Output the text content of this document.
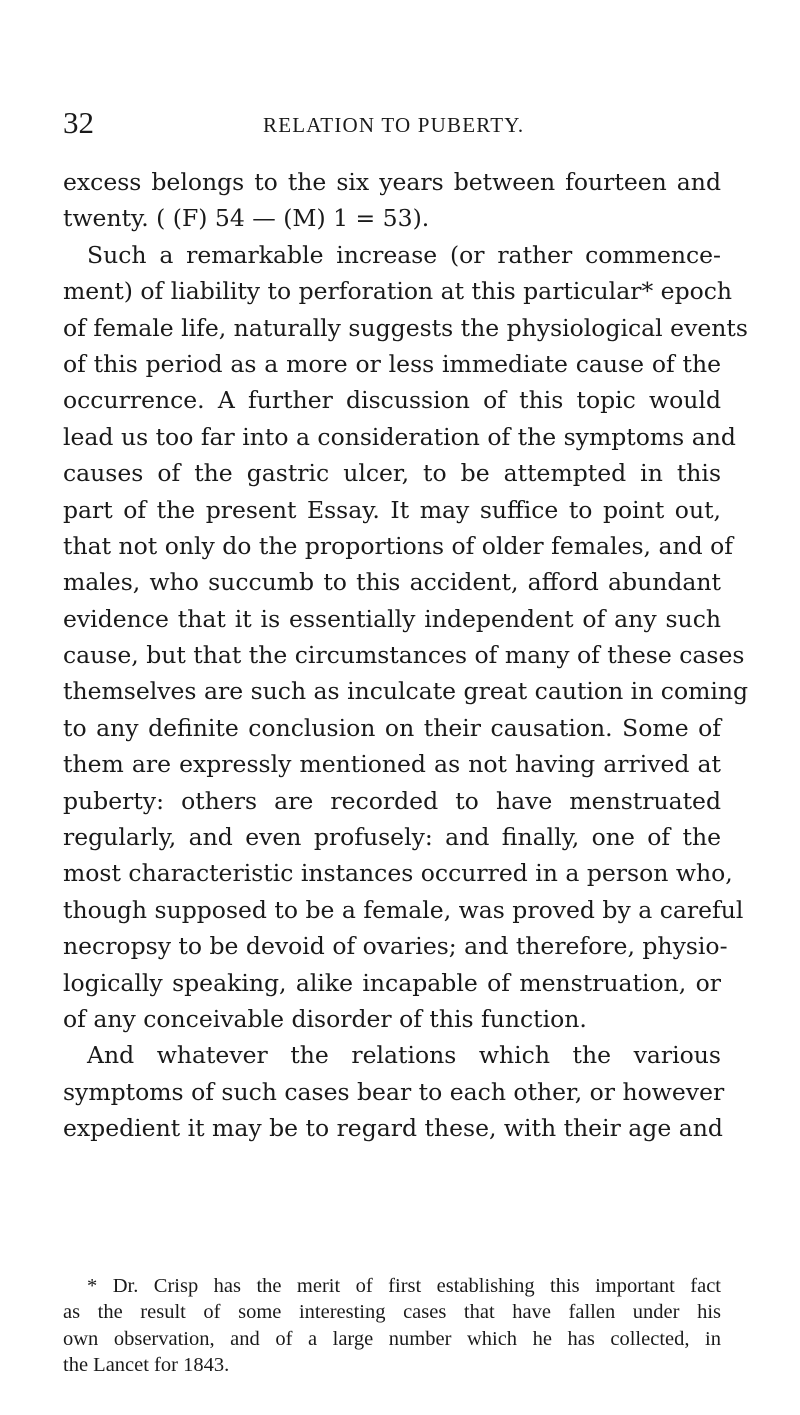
32	RELATION TO PUBERTY.
excess belongs to the six years between fourteen and
twenty. ( (F) 54 — (M) 1 = 53).
Such a remarkable increase (or rather commence-
ment) of liability to perforation at this particular* epoch
of female life, naturally suggests the physiological events
of this period as a more or less immediate cause of the
occurrence. A further discussion of this topic would
lead us too far into a consideration of the symptoms and
causes of the gastric ulcer, to be attempted in this
part of the present Essay. It may suffice to point out,
that not only do the proportions of older females, and of
males, who succumb to this accident, afford abundant
evidence that it is essentially independent of any such
cause, but that the circumstances of many of these cases
themselves are such as inculcate great caution in coming
to any definite conclusion on their causation. Some of
them are expressly mentioned as not having arrived at
puberty: others are recorded to have menstruated
regularly, and even profusely: and finally, one of the
most characteristic instances occurred in a person who,
though supposed to be a female, was proved by a careful
necropsy to be devoid of ovaries; and therefore, physio-
logically speaking, alike incapable of menstruation, or
of any conceivable disorder of this function.
And whatever the relations which the various
symptoms of such cases bear to each other, or however
expedient it may be to regard these, with their age and
* Dr. Crisp has the merit of first establishing this important fact
as the result of some interesting cases that have fallen under his
own observation, and of a large number which he has collected, in
the Lancet for 1843.
